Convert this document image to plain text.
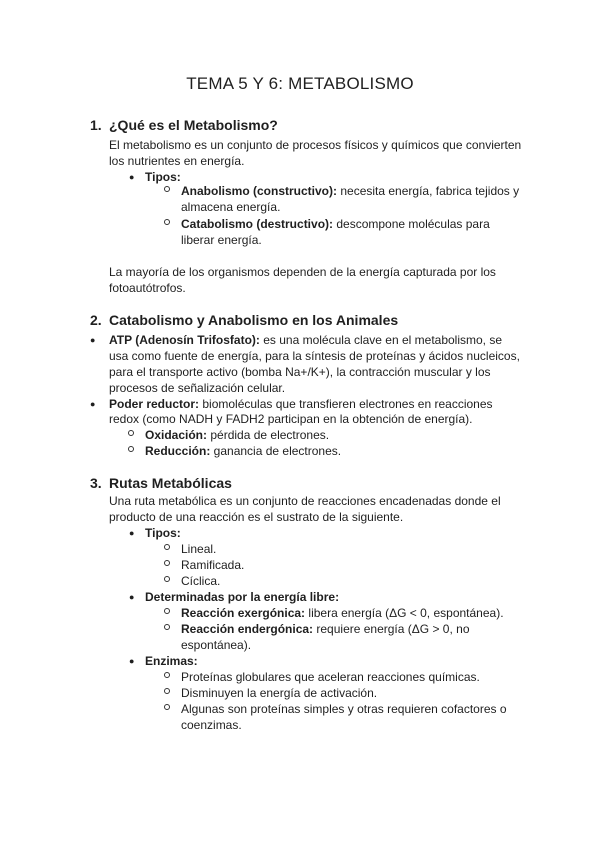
TEMA 5 Y 6: METABOLISMO
1. ¿Qué es el Metabolismo?

El metabolismo es un conjunto de procesos físicos y químicos que convierten

los nutrientes en energía.

● Tipos:

Anabolismo (constructivo): necesita energía, fabrica tejidos y

almacena energía.

Catabolismo (destructivo): descompone moléculas para

liberar energía.

La mayoría de los organismos dependen de la energía capturada por los

fotoautótrofos.

2. Catabolismo y Anabolismo en los Animales
● ATP (Adenosín Trifosfato): es una molécula clave en el metabolismo, se

usa como fuente de energía, para la síntesis de proteínas y ácidos nucleicos,

para el transporte activo (bomba Na+/K+), la contracción muscular y los

procesos de señalización celular.

● Poder reductor: biomoléculas que transfieren electrones en reacciones

redox (como NADH y FADH2 participan en la obtención de energía).

Oxidación: pérdida de electrones.

Reducción: ganancia de electrones.

3. Rutas Metabólicas

Una ruta metabólica es un conjunto de reacciones encadenadas donde el

producto de una reacción es el sustrato de la siguiente.

● Tipos:

Lineal.

Ramificada.

Cíclica.

● Determinadas por la energía libre:

Reacción exergónica: libera energía (ΔG < 0, espontánea).

Reacción endergónica: requiere energía (ΔG > 0, no

espontánea).

● Enzimas:

Proteínas globulares que aceleran reacciones químicas.

Disminuyen la energía de activación.

Algunas son proteínas simples y otras requieren cofactores o

coenzimas.
